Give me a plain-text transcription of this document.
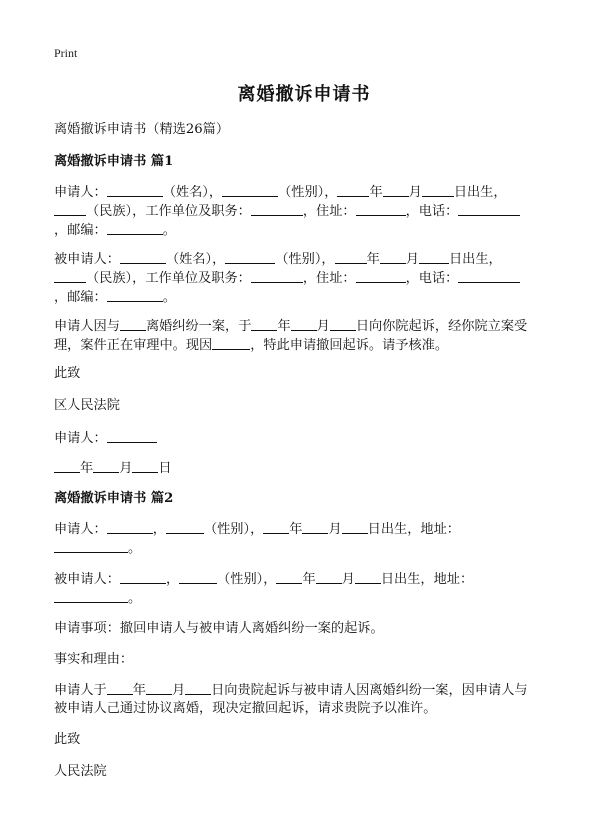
Print
离婚撤诉申请书
离婚撤诉申请书（精选26篇）
离婚撤诉申请书 篇1
申请人：	（姓名），	（性别）， 年 月 日出生，
（民族），工作单位及职务：	，住址：	，电话：
，邮编：	。
被申请人：	（姓名），	（性别）， 年 月 日出生，
（民族），工作单位及职务：	，住址：	，电话：
，邮编：	。
申请人因与 离婚纠纷一案，于 年 月 日向你院起诉，经你院立案受
理，案件正在审理中。现因	，特此申请撤回起诉。请予核准。
此致
区人民法院
申请人：
年 月 日
离婚撤诉申请书 篇2
申请人：	，	（性别）， 年 月 日出生，地址：
。
被申请人：	，	（性别）， 年 月 日出生，地址：
。
申请事项：撤回申请人与被申请人离婚纠纷一案的起诉。
事实和理由：
申请人于 年 月 日向贵院起诉与被申请人因离婚纠纷一案，因申请人与
被申请人己通过协议离婚，现决定撤回起诉，请求贵院予以准许。
此致
人民法院
